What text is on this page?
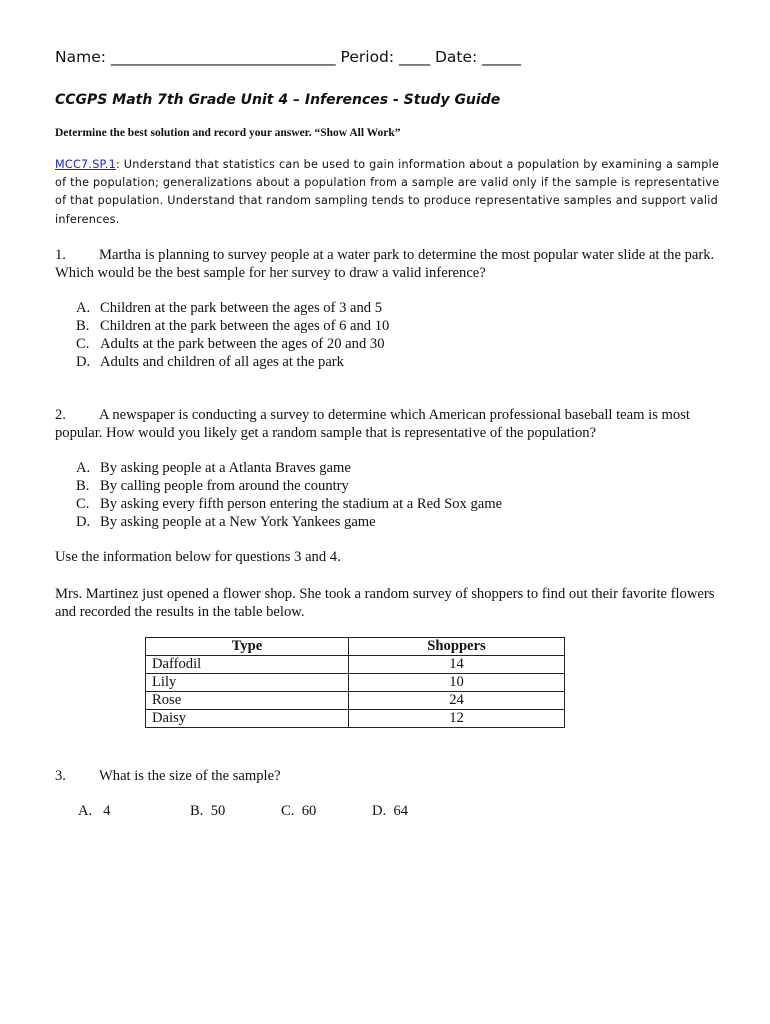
Name: _____________________________ Period: ____ Date: _____
CCGPS Math 7th Grade Unit 4 – Inferences - Study Guide
Determine the best solution and record your answer. “Show All Work”
MCC7.SP.1: Understand that statistics can be used to gain information about a population by examining a sample of the population; generalizations about a population from a sample are valid only if the sample is representative of that population. Understand that random sampling tends to produce representative samples and support valid inferences.
1. Martha is planning to survey people at a water park to determine the most popular water slide at the park. Which would be the best sample for her survey to draw a valid inference?
A. Children at the park between the ages of 3 and 5
B. Children at the park between the ages of 6 and 10
C. Adults at the park between the ages of 20 and 30
D. Adults and children of all ages at the park
2. A newspaper is conducting a survey to determine which American professional baseball team is most popular. How would you likely get a random sample that is representative of the population?
A. By asking people at a Atlanta Braves game
B. By calling people from around the country
C. By asking every fifth person entering the stadium at a Red Sox game
D. By asking people at a New York Yankees game
Use the information below for questions 3 and 4.
Mrs. Martinez just opened a flower shop. She took a random survey of shoppers to find out their favorite flowers and recorded the results in the table below.
Type	Shoppers
Daffodil	14
Lily	10
Rose	24
Daisy	12
3. What is the size of the sample?
A. 4	B. 50	C. 60	D. 64
